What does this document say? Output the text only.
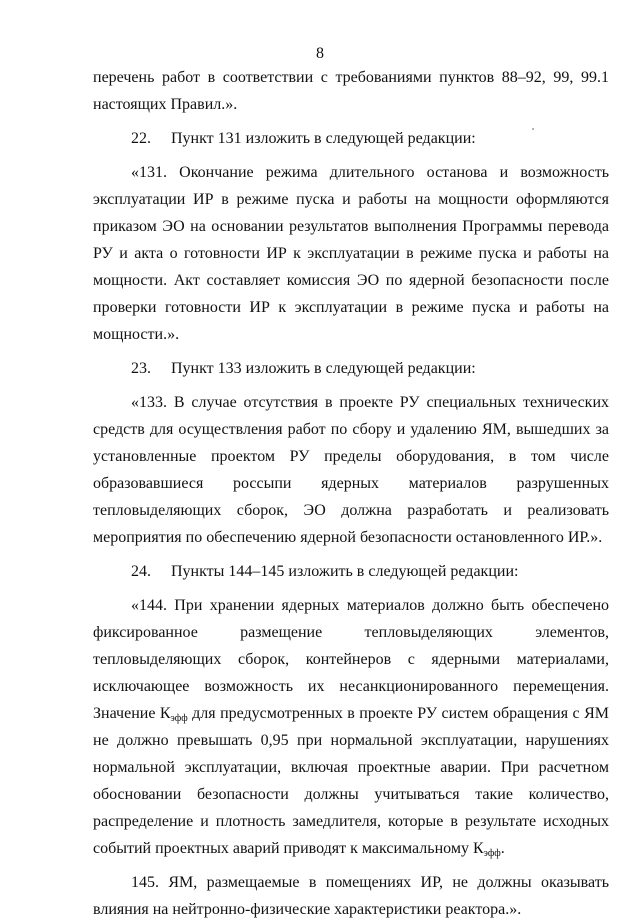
8

перечень работ в соответствии с требованиями пунктов 88–92, 99, 99.1 настоящих Правил.».

22. Пункт 131 изложить в следующей редакции:

«131. Окончание режима длительного останова и возможность эксплуатации ИР в режиме пуска и работы на мощности оформляются приказом ЭО на основании результатов выполнения Программы перевода РУ и акта о готовности ИР к эксплуатации в режиме пуска и работы на мощности. Акт составляет комиссия ЭО по ядерной безопасности после проверки готовности ИР к эксплуатации в режиме пуска и работы на мощности.».

23. Пункт 133 изложить в следующей редакции:

«133. В случае отсутствия в проекте РУ специальных технических средств для осуществления работ по сбору и удалению ЯМ, вышедших за установленные проектом РУ пределы оборудования, в том числе образовавшиеся россыпи ядерных материалов разрушенных тепловыделяющих сборок, ЭО должна разработать и реализовать мероприятия по обеспечению ядерной безопасности остановленного ИР.».

24. Пункты 144–145 изложить в следующей редакции:

«144. При хранении ядерных материалов должно быть обеспечено фиксированное размещение тепловыделяющих элементов, тепловыделяющих сборок, контейнеров с ядерными материалами, исключающее возможность их несанкционированного перемещения. Значение $К_{эфф}$ для предусмотренных в проекте РУ систем обращения с ЯМ не должно превышать 0,95 при нормальной эксплуатации, нарушениях нормальной эксплуатации, включая проектные аварии. При расчетном обосновании безопасности должны учитываться такие количество, распределение и плотность замедлителя, которые в результате исходных событий проектных аварий приводят к максимальному $К_{эфф}$.

145. ЯМ, размещаемые в помещениях ИР, не должны оказывать влияния на нейтронно-физические характеристики реактора.».
